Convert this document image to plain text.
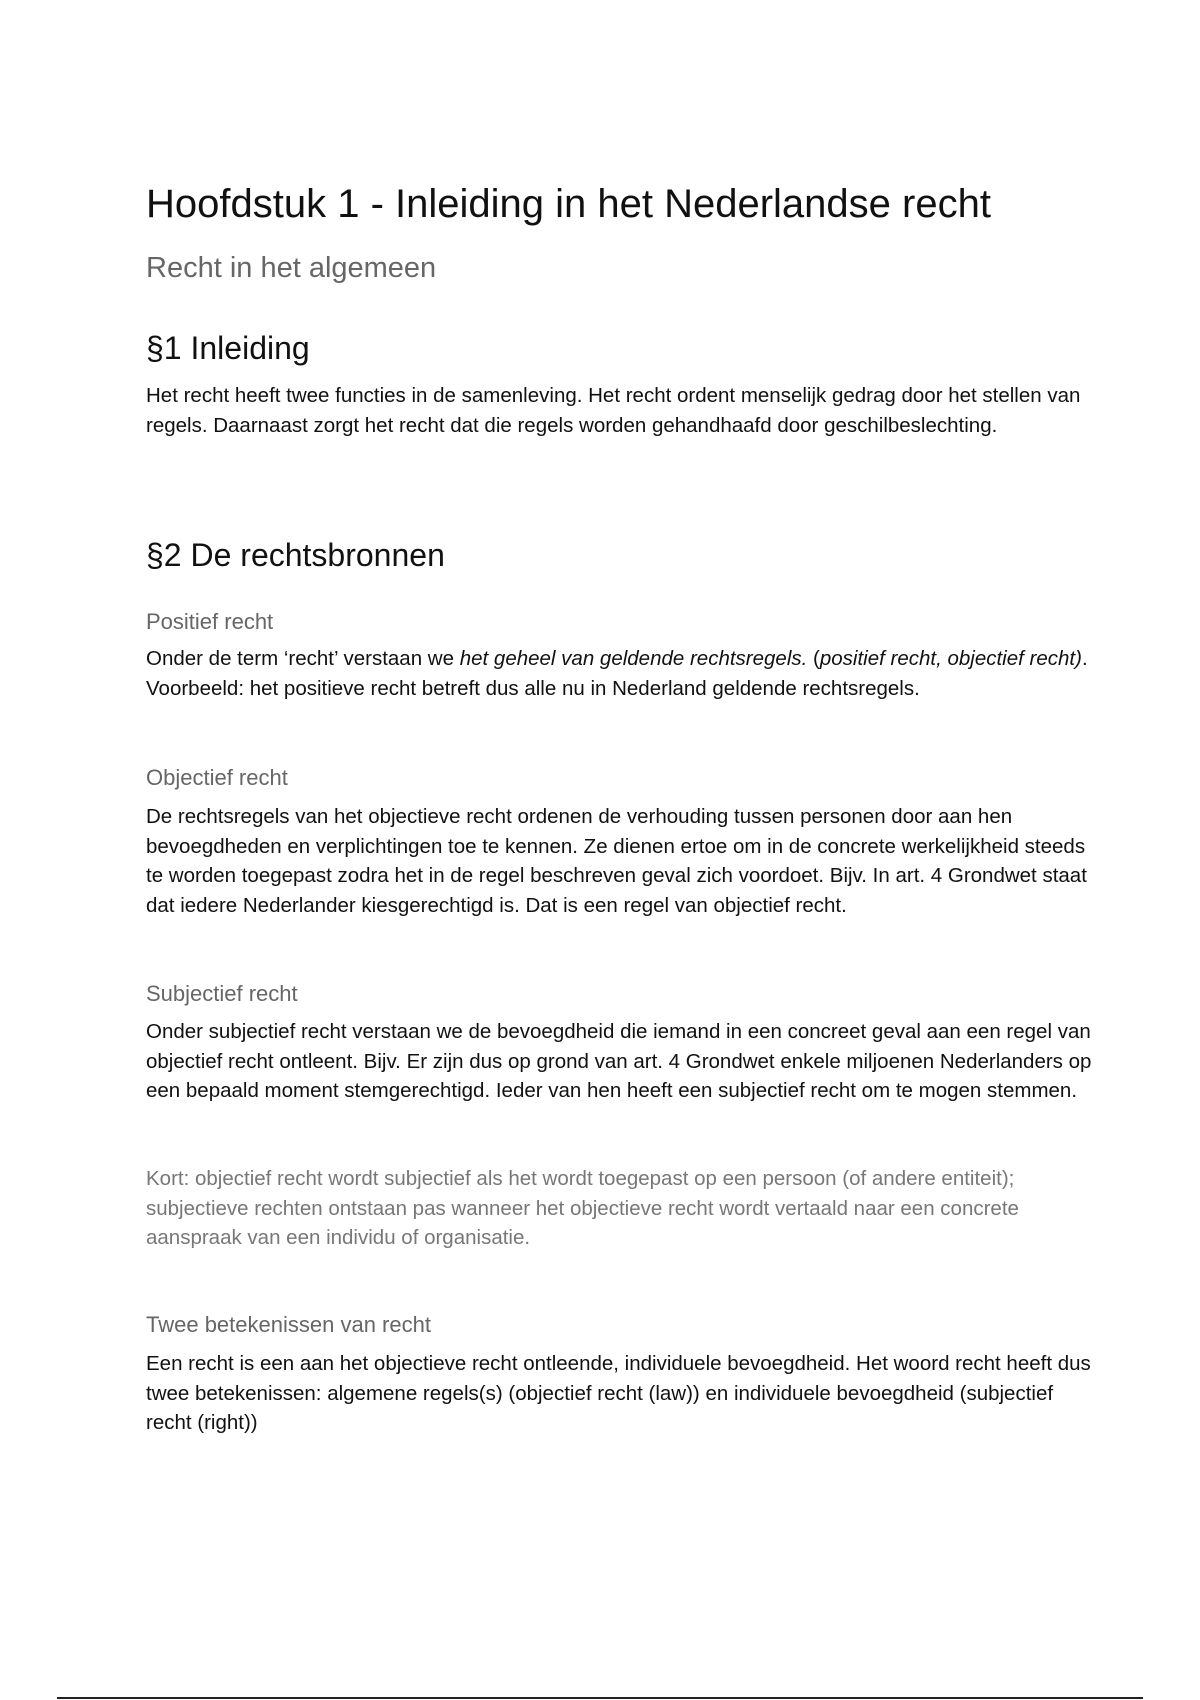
Hoofdstuk 1 - Inleiding in het Nederlandse recht
Recht in het algemeen
§1 Inleiding

Het recht heeft twee functies in de samenleving. Het recht ordent menselijk gedrag door het stellen van regels. Daarnaast zorgt het recht dat die regels worden gehandhaafd door geschilbeslechting.

§2 De rechtsbronnen
Positief recht

Onder de term ‘recht’ verstaan we het geheel van geldende rechtsregels. (positief recht, objectief recht). Voorbeeld: het positieve recht betreft dus alle nu in Nederland geldende rechtsregels.

Objectief recht

De rechtsregels van het objectieve recht ordenen de verhouding tussen personen door aan hen bevoegdheden en verplichtingen toe te kennen. Ze dienen ertoe om in de concrete werkelijkheid steeds te worden toegepast zodra het in de regel beschreven geval zich voordoet. Bijv. In art. 4 Grondwet staat dat iedere Nederlander kiesgerechtigd is. Dat is een regel van objectief recht.

Subjectief recht

Onder subjectief recht verstaan we de bevoegdheid die iemand in een concreet geval aan een regel van objectief recht ontleent. Bijv. Er zijn dus op grond van art. 4 Grondwet enkele miljoenen Nederlanders op een bepaald moment stemgerechtigd. Ieder van hen heeft een subjectief recht om te mogen stemmen.

Kort: objectief recht wordt subjectief als het wordt toegepast op een persoon (of andere entiteit); subjectieve rechten ontstaan pas wanneer het objectieve recht wordt vertaald naar een concrete aanspraak van een individu of organisatie.

Twee betekenissen van recht

Een recht is een aan het objectieve recht ontleende, individuele bevoegdheid. Het woord recht heeft dus twee betekenissen: algemene regels(s) (objectief recht (law)) en individuele bevoegdheid (subjectief recht (right))
